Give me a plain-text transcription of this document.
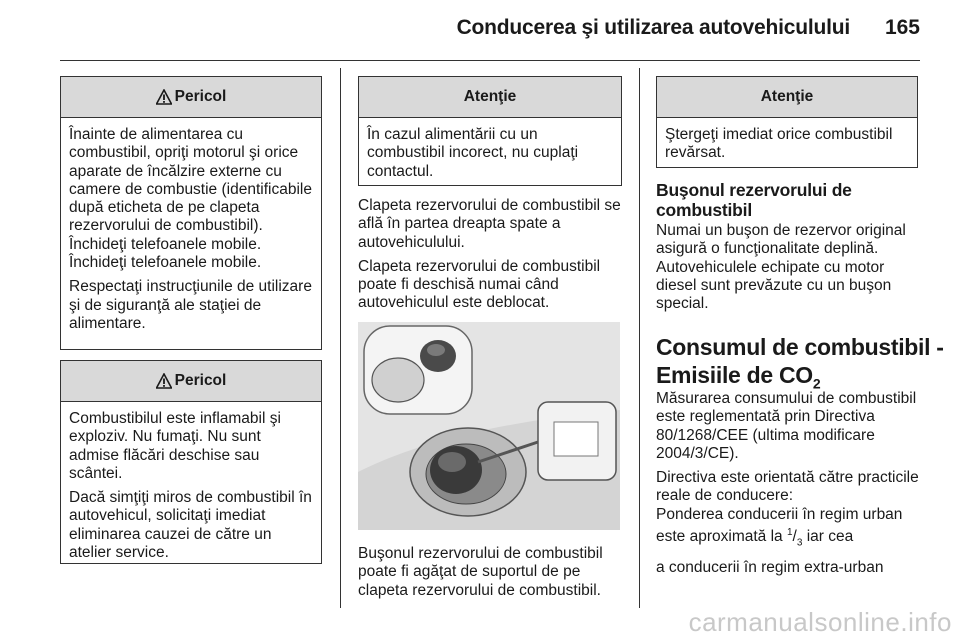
Conducerea şi utilizarea autovehiculului 165
Pericol

Înainte de alimentarea cu combustibil, opriţi motorul şi orice aparate de încălzire externe cu camere de combustie (identificabile după eticheta de pe clapeta rezervorului de combustibil). Închideţi telefoanele mobile. Închideţi telefoanele mobile.

Respectaţi instrucţiunile de utilizare şi de siguranţă ale staţiei de alimentare.

Pericol

Combustibilul este inflamabil şi exploziv. Nu fumaţi. Nu sunt admise flăcări deschise sau scântei.

Dacă simţiţi miros de combustibil în autovehicul, solicitaţi imediat eliminarea cauzei de către un atelier service.

Atenţie
În cazul alimentării cu un combustibil incorect, nu cuplaţi contactul.

Clapeta rezervorului de combustibil se află în partea dreapta spate a autovehiculului.

Clapeta rezervorului de combustibil poate fi deschisă numai când autovehiculul este deblocat.

Buşonul rezervorului de combustibil poate fi agăţat de suportul de pe clapeta rezervorului de combustibil.
Atenţie
Ştergeţi imediat orice combustibil revărsat.
Buşonul rezervorului de combustibil
Numai un buşon de rezervor original asigură o funcţionalitate deplină. Autovehiculele echipate cu motor diesel sunt prevăzute cu un buşon special.
Consumul de combustibil -
Emisiile de $CO_2$

Măsurarea consumului de combustibil este reglementată prin Directiva 80/1268/CEE (ultima modificare 2004/3/CE).

Directiva este orientată către practicile reale de conducere:

Ponderea conducerii în regim urban este aproximată la $^1/_3$ iar cea

a conducerii în regim extra-urban

carmanualsonline.info
